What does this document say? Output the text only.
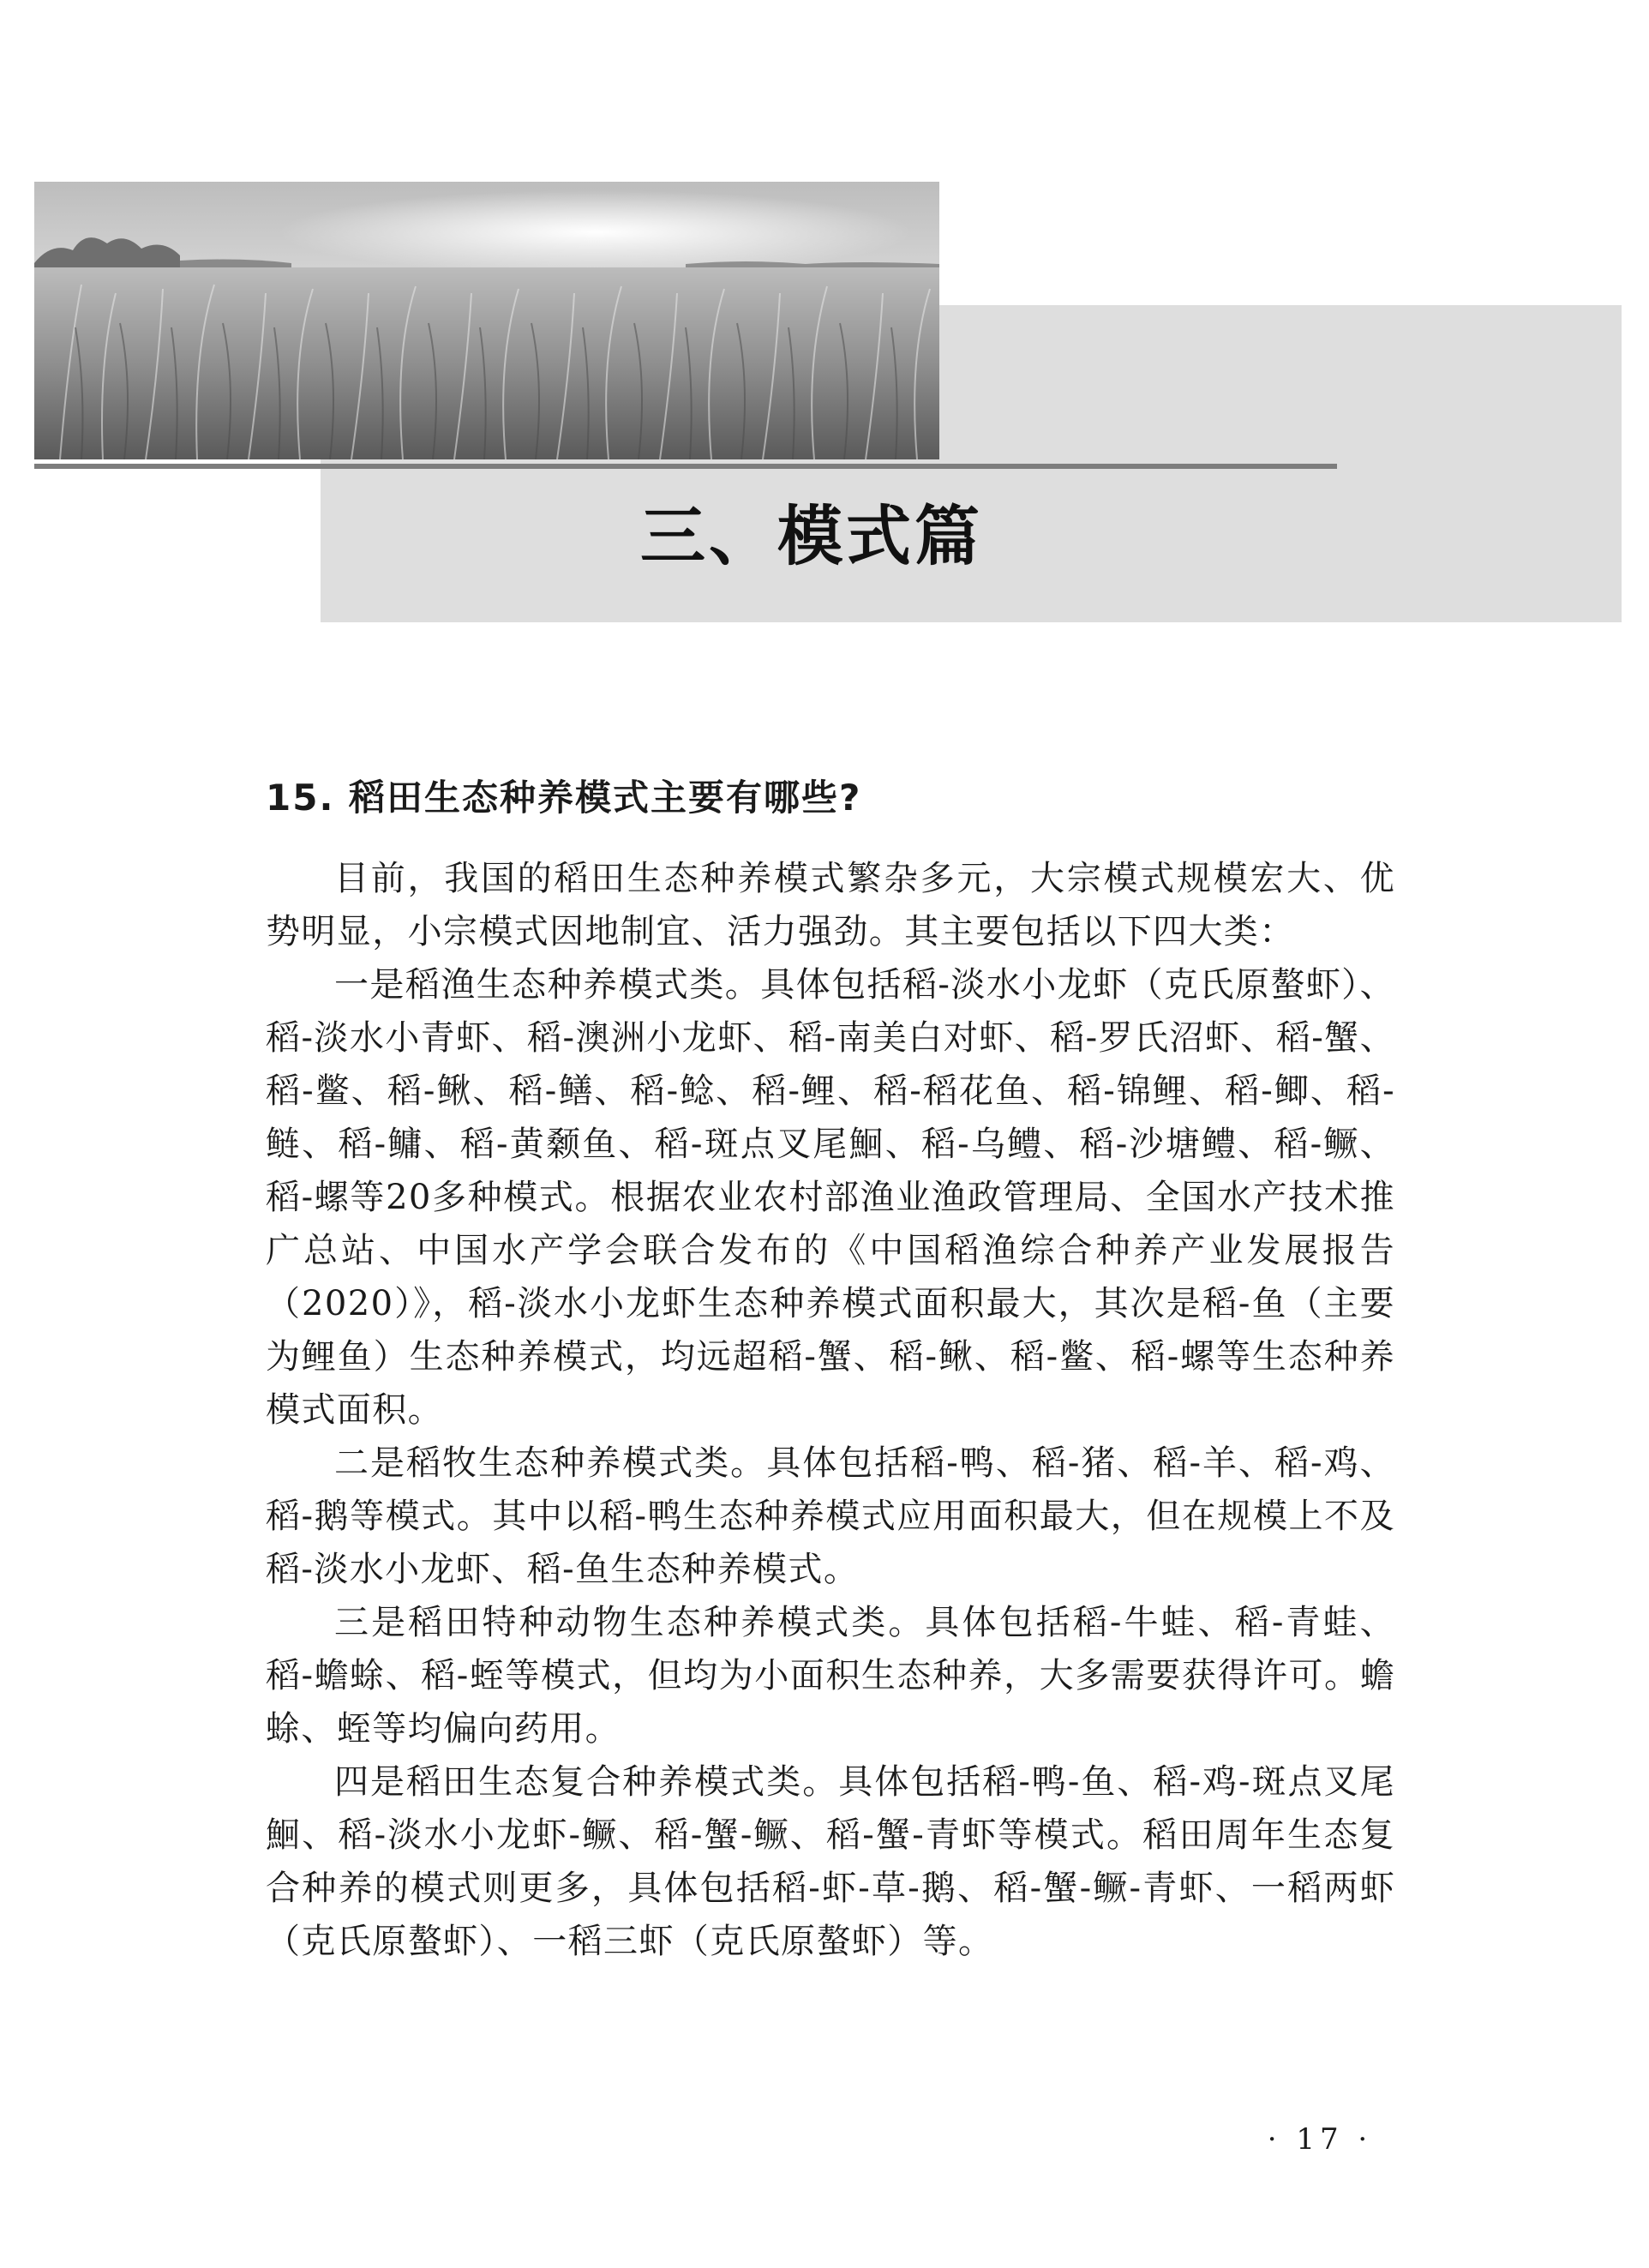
三、模式篇
15. 稻田生态种养模式主要有哪些?

目前，我国的稻田生态种养模式繁杂多元，大宗模式规模宏大、优势明显，小宗模式因地制宜、活力强劲。其主要包括以下四大类：

一是稻渔生态种养模式类。具体包括稻-淡水小龙虾（克氏原螯虾）、稻-淡水小青虾、稻-澳洲小龙虾、稻-南美白对虾、稻-罗氏沼虾、稻-蟹、稻-鳖、稻-鳅、稻-鳝、稻-鲶、稻-鲤、稻-稻花鱼、稻-锦鲤、稻-鲫、稻-鲢、稻-鳙、稻-黄颡鱼、稻-斑点叉尾鮰、稻-乌鳢、稻-沙塘鳢、稻-鳜、稻-螺等20多种模式。根据农业农村部渔业渔政管理局、全国水产技术推广总站、中国水产学会联合发布的《中国稻渔综合种养产业发展报告（2020）》，稻-淡水小龙虾生态种养模式面积最大，其次是稻-鱼（主要为鲤鱼）生态种养模式，均远超稻-蟹、稻-鳅、稻-鳖、稻-螺等生态种养模式面积。

二是稻牧生态种养模式类。具体包括稻-鸭、稻-猪、稻-羊、稻-鸡、稻-鹅等模式。其中以稻-鸭生态种养模式应用面积最大，但在规模上不及稻-淡水小龙虾、稻-鱼生态种养模式。

三是稻田特种动物生态种养模式类。具体包括稻-牛蛙、稻-青蛙、稻-蟾蜍、稻-蛭等模式，但均为小面积生态种养，大多需要获得许可。蟾蜍、蛭等均偏向药用。

四是稻田生态复合种养模式类。具体包括稻-鸭-鱼、稻-鸡-斑点叉尾鮰、稻-淡水小龙虾-鳜、稻-蟹-鳜、稻-蟹-青虾等模式。稻田周年生态复合种养的模式则更多，具体包括稻-虾-草-鹅、稻-蟹-鳜-青虾、一稻两虾（克氏原螯虾）、一稻三虾（克氏原螯虾）等。

· 17 ·
